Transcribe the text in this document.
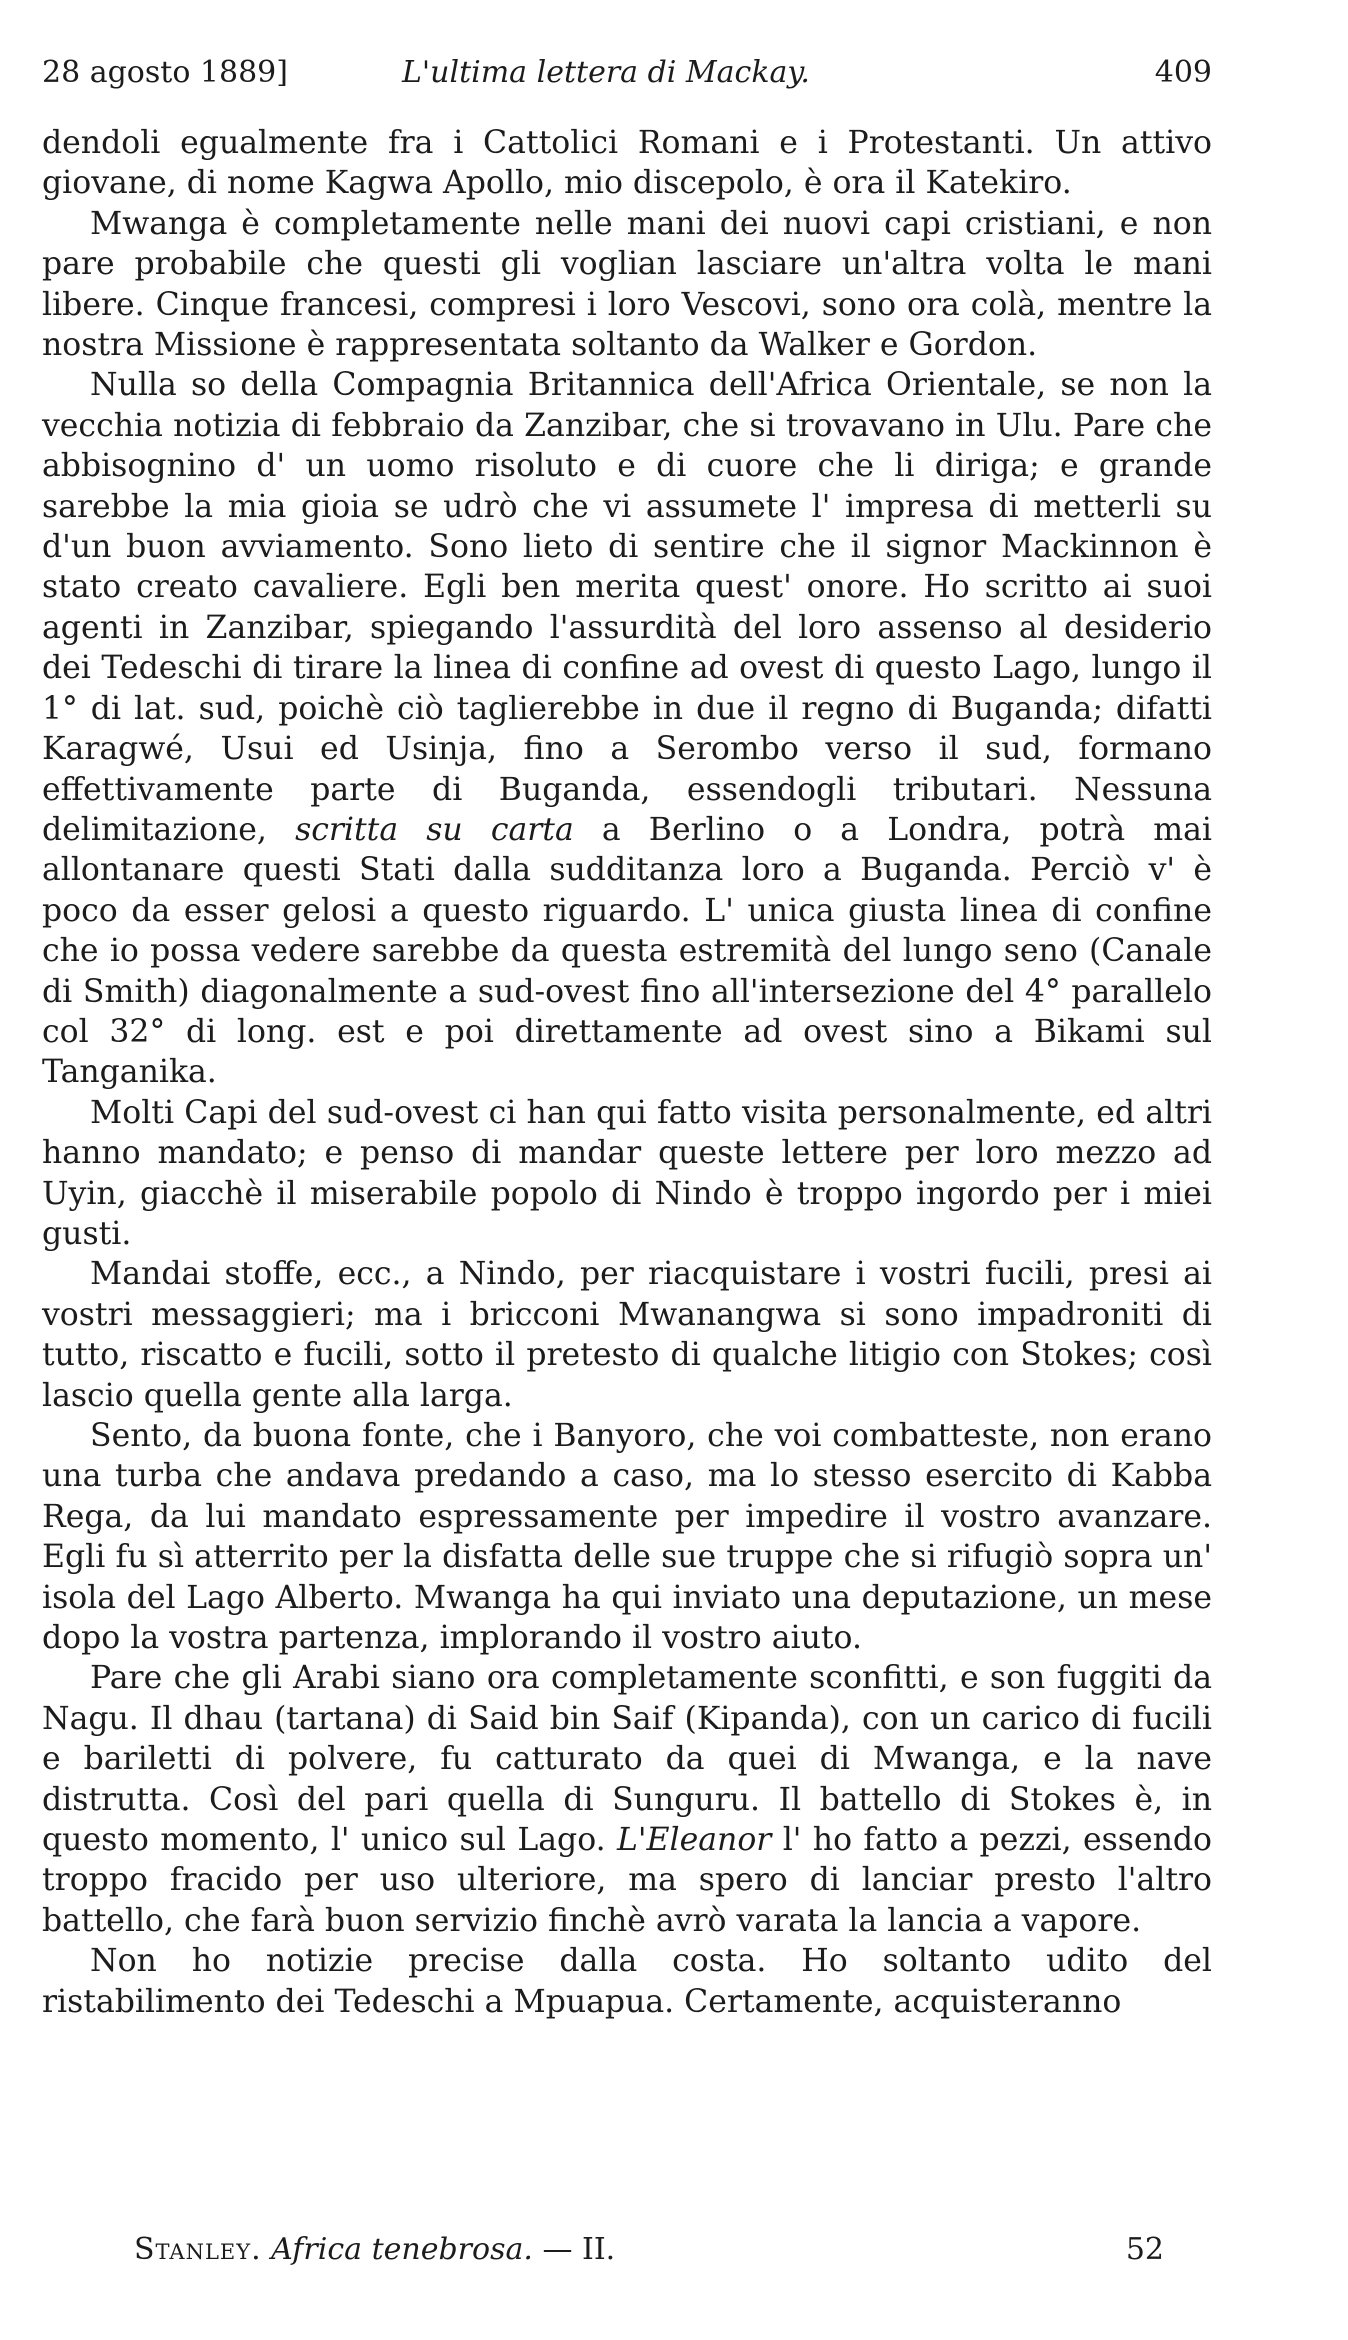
28 agosto 1889]	L'ultima lettera di Mackay.	409

dendoli egualmente fra i Cattolici Romani e i Protestanti. Un attivo giovane, di nome Kagwa Apollo, mio discepolo, è ora il Katekiro.

Mwanga è completamente nelle mani dei nuovi capi cristiani, e non pare probabile che questi gli voglian lasciare un'altra volta le mani libere. Cinque francesi, compresi i loro Vescovi, sono ora colà, mentre la nostra Missione è rappresentata soltanto da Walker e Gordon.

Nulla so della Compagnia Britannica dell'Africa Orientale, se non la vecchia notizia di febbraio da Zanzibar, che si trovavano in Ulu. Pare che abbisognino d' un uomo risoluto e di cuore che li diriga; e grande sarebbe la mia gioia se udrò che vi assumete l' impresa di metterli su d'un buon avviamento. Sono lieto di sentire che il signor Mackinnon è stato creato cavaliere. Egli ben merita quest' onore. Ho scritto ai suoi agenti in Zanzibar, spiegando l'assurdità del loro assenso al desiderio dei Tedeschi di tirare la linea di confine ad ovest di questo Lago, lungo il 1° di lat. sud, poichè ciò taglierebbe in due il regno di Buganda; difatti Karagwé, Usui ed Usinja, fino a Serombo verso il sud, formano effettivamente parte di Buganda, essendogli tributari. Nessuna delimitazione, scritta su carta a Berlino o a Londra, potrà mai allontanare questi Stati dalla sudditanza loro a Buganda. Perciò v' è poco da esser gelosi a questo riguardo. L' unica giusta linea di confine che io possa vedere sarebbe da questa estremità del lungo seno (Canale di Smith) diagonalmente a sud-ovest fino all'intersezione del 4° parallelo col 32° di long. est e poi direttamente ad ovest sino a Bikami sul Tanganika.

Molti Capi del sud-ovest ci han qui fatto visita personalmente, ed altri hanno mandato; e penso di mandar queste lettere per loro mezzo ad Uyin, giacchè il miserabile popolo di Nindo è troppo ingordo per i miei gusti.

Mandai stoffe, ecc., a Nindo, per riacquistare i vostri fucili, presi ai vostri messaggieri; ma i bricconi Mwanangwa si sono impadroniti di tutto, riscatto e fucili, sotto il pretesto di qualche litigio con Stokes; così lascio quella gente alla larga.

Sento, da buona fonte, che i Banyoro, che voi combatteste, non erano una turba che andava predando a caso, ma lo stesso esercito di Kabba Rega, da lui mandato espressamente per impedire il vostro avanzare. Egli fu sì atterrito per la disfatta delle sue truppe che si rifugiò sopra un' isola del Lago Alberto. Mwanga ha qui inviato una deputazione, un mese dopo la vostra partenza, implorando il vostro aiuto.

Pare che gli Arabi siano ora completamente sconfitti, e son fuggiti da Nagu. Il dhau (tartana) di Said bin Saif (Kipanda), con un carico di fucili e bariletti di polvere, fu catturato da quei di Mwanga, e la nave distrutta. Così del pari quella di Sunguru. Il battello di Stokes è, in questo momento, l' unico sul Lago. L'Eleanor l' ho fatto a pezzi, essendo troppo fracido per uso ulteriore, ma spero di lanciar presto l'altro battello, che farà buon servizio finchè avrò varata la lancia a vapore.

Non ho notizie precise dalla costa. Ho soltanto udito del ristabilimento dei Tedeschi a Mpuapua. Certamente, acquisteranno

Stanley. Africa tenebrosa. — II.	52
